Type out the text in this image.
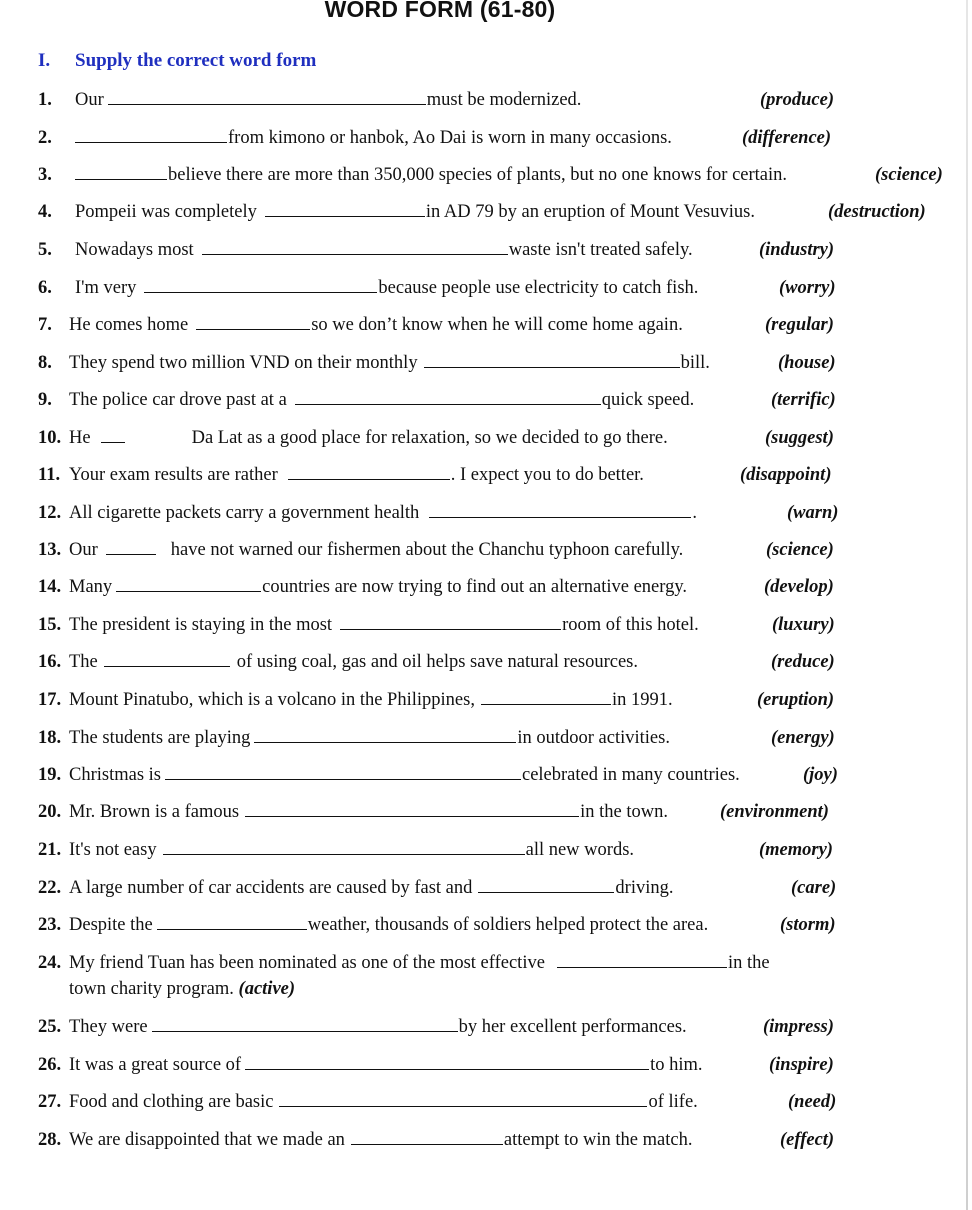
WORD FORM (61-80)
I. Supply the correct word form
1. Our	must be modernized.	(produce)
2.	from kimono or hanbok, Ao Dai is worn in many occasions.	(difference)
3.	believe there are more than 350,000 species of plants, but no one knows for certain.	(science)
4. Pompeii was completely	in AD 79 by an eruption of Mount Vesuvius.	(destruction)
5. Nowadays most	waste isn't treated safely.	(industry)
6. I'm very	because people use electricity to catch fish.	(worry)
7. He comes home	so we don’t know when he will come home again.	(regular)
8. They spend two million VND on their monthly	bill.	(house)
9. The police car drove past at a	quick speed.	(terrific)
10. He	Da Lat as a good place for relaxation, so we decided to go there.	(suggest)
11. Your exam results are rather	. I expect you to do better.	(disappoint)
12. All cigarette packets carry a government health	.	(warn)
13. Our	have not warned our fishermen about the Chanchu typhoon carefully.	(science)
14. Many	countries are now trying to find out an alternative energy.	(develop)
15. The president is staying in the most	room of this hotel.	(luxury)
16. The	of using coal, gas and oil helps save natural resources.	(reduce)
17. Mount Pinatubo, which is a volcano in the Philippines,	in 1991.	(eruption)
18. The students are playing	in outdoor activities.	(energy)
19. Christmas is	celebrated in many countries.	(joy)
20. Mr. Brown is a famous	in the town.	(environment)
21. It's not easy	all new words.	(memory)
22. A large number of car accidents are caused by fast and	driving.	(care)
23. Despite the	weather, thousands of soldiers helped protect the area.	(storm)
24. My friend Tuan has been nominated as one of the most effective	in the
town charity program. (active)
25. They were	by her excellent performances.	(impress)
26. It was a great source of	to him.	(inspire)
27. Food and clothing are basic	of life.	(need)
28. We are disappointed that we made an	attempt to win the match.	(effect)
